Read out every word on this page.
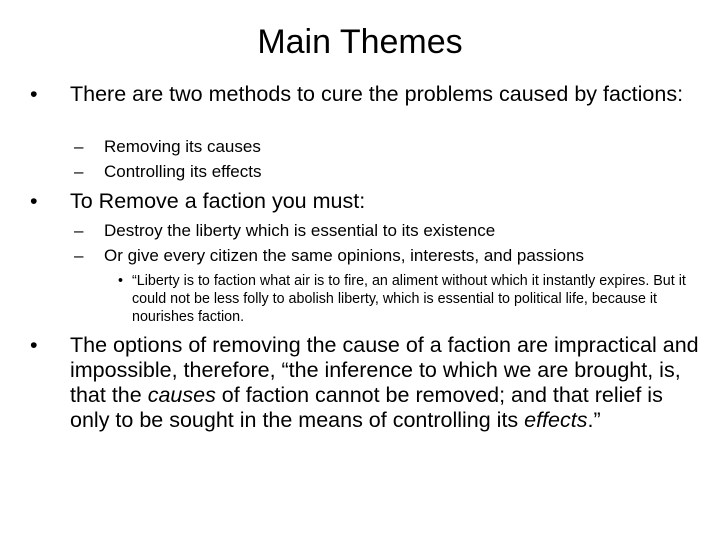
Main Themes
• There are two methods to cure the problems caused by factions:
– Removing its causes
– Controlling its effects
• To Remove a faction you must:
– Destroy the liberty which is essential to its existence
– Or give every citizen the same opinions, interests, and passions
• “Liberty is to faction what air is to fire, an aliment without which it instantly expires. But it could not be less folly to abolish liberty, which is essential to political life, because it nourishes faction.
• The options of removing the cause of a faction are impractical and impossible, therefore, “the inference to which we are brought, is, that the causes of faction cannot be removed; and that relief is only to be sought in the means of controlling its effects.”
